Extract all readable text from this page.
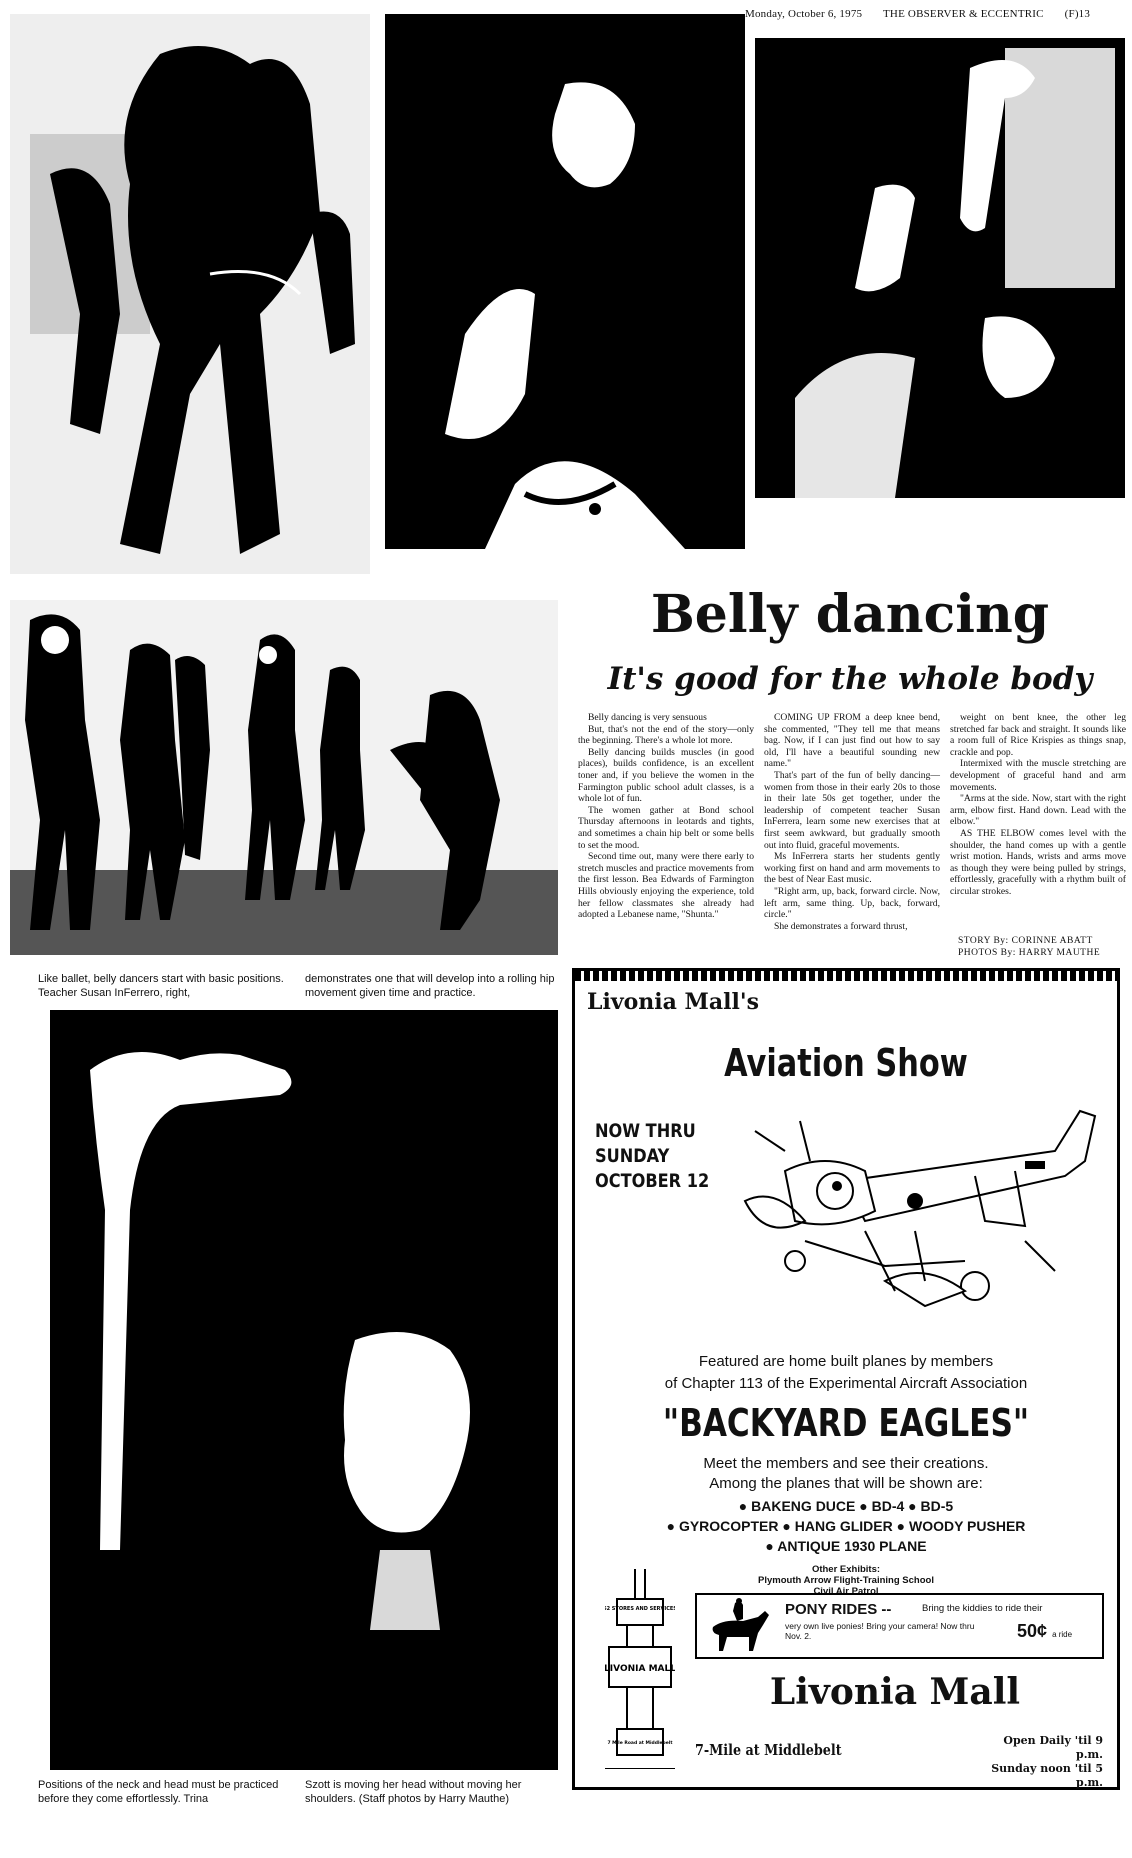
Monday, October 6, 1975 THE OBSERVER & ECCENTRIC (F)13
Belly dancing
It's good for the whole body

Belly dancing is very sensuous

But, that's not the end of the story—only the beginning. There's a whole lot more.

Belly dancing builds muscles (in good places), builds confidence, is an excellent toner and, if you believe the women in the Farmington public school adult classes, is a whole lot of fun.

The women gather at Bond school Thursday afternoons in leotards and tights, and sometimes a chain hip belt or some bells to set the mood.

Second time out, many were there early to stretch muscles and practice movements from the first lesson. Bea Edwards of Farmington Hills obviously enjoying the experience, told her fellow classmates she already had adopted a Lebanese name, "Shunta."

COMING UP FROM a deep knee bend, she commented, "They tell me that means bag. Now, if I can just find out how to say old, I'll have a beautiful sounding new name."

That's part of the fun of belly dancing—women from those in their early 20s to those in their late 50s get together, under the leadership of competent teacher Susan InFerrera, learn some new exercises that at first seem awkward, but gradually smooth out into fluid, graceful movements.

Ms InFerrera starts her students gently working first on hand and arm movements to the best of Near East music.

"Right arm, up, back, forward circle. Now, left arm, same thing. Up, back, forward, circle."

She demonstrates a forward thrust,

weight on bent knee, the other leg stretched far back and straight. It sounds like a room full of Rice Krispies as things snap, crackle and pop.

Intermixed with the muscle stretching are development of graceful hand and arm movements.

"Arms at the side. Now, start with the right arm, elbow first. Hand down. Lead with the elbow."

AS THE ELBOW comes level with the shoulder, the hand comes up with a gentle wrist motion. Hands, wrists and arms move as though they were being pulled by strings, effortlessly, gracefully with a rhythm built of circular strokes.

STORY By: CORINNE ABATT
PHOTOS By: HARRY MAUTHE
Like ballet, belly dancers start with basic positions. Teacher Susan InFerrero, right,
demonstrates one that will develop into a rolling hip movement given time and practice.
Positions of the neck and head must be practiced before they come effortlessly. Trina
Szott is moving her head without moving her shoulders. (Staff photos by Harry Mauthe)
Livonia Mall's
Aviation Show
NOW THRU
SUNDAY
OCTOBER 12
Featured are home built planes by members
of Chapter 113 of the Experimental Aircraft Association
"BACKYARD EAGLES"
Meet the members and see their creations.
Among the planes that will be shown are:
● BAKENG DUCE ● BD-4 ● BD-5
● GYROCOPTER ● HANG GLIDER ● WOODY PUSHER
● ANTIQUE 1930 PLANE
Other Exhibits:
Plymouth Arrow Flight-Training School
Civil Air Patrol
62 STORES AND SERVICES
LIVONIA MALL
7 Mile Road at Middlebelt
PONY RIDES --	Bring the kiddies to ride their
very own live ponies! Bring your camera! Now thru Nov. 2.	50¢ a ride
Livonia Mall
7-Mile at Middlebelt
Open Daily 'til 9 p.m.
Sunday noon 'til 5 p.m.
